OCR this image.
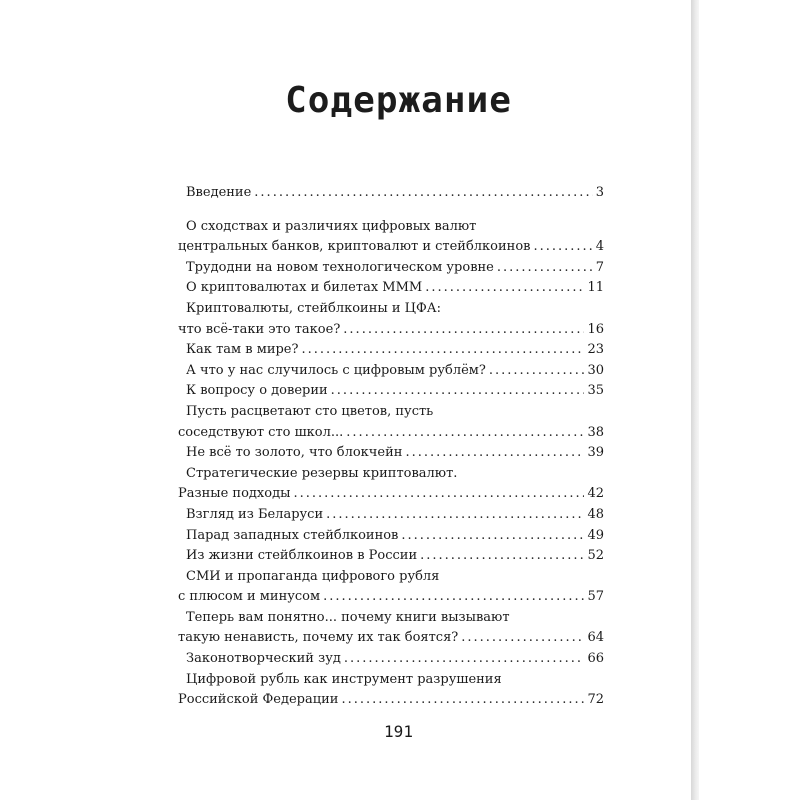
Содержание
Введение .....	3
О сходствах и различиях цифровых валют
центральных банков, криптовалют и стейблкоинов .....	4
Трудодни на новом технологическом уровне .....	7
О криптовалютах и билетах МММ .....	11
Криптовалюты, стейблкоины и ЦФА:
что всё-таки это такое? .....	16
Как там в мире? .....	23
А что у нас случилось с цифровым рублём? .....	30
К вопросу о доверии .....	35
Пусть расцветают сто цветов, пусть
соседствуют сто школ... .....	38
Не всё то золото, что блокчейн .....	39
Стратегические резервы криптовалют.
Разные подходы .....	42
Взгляд из Беларуси .....	48
Парад западных стейблкоинов .....	49
Из жизни стейблкоинов в России .....	52
СМИ и пропаганда цифрового рубля
с плюсом и минусом .....	57
Теперь вам понятно... почему книги вызывают
такую ненависть, почему их так боятся? .....	64
Законотворческий зуд .....	66
Цифровой рубль как инструмент разрушения
Российской Федерации .....	72
191
